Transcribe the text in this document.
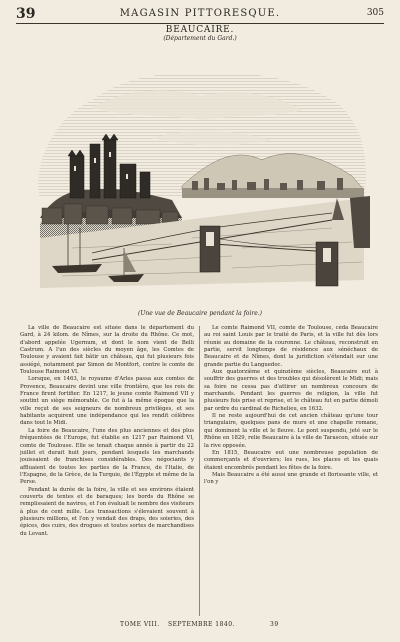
39	MAGASIN PITTORESQUE.	305
BEAUCAIRE.
(Département du Gard.)
(Une vue de Beaucaire pendant la foire.)

La ville de Beaucaire est située dans le département du Gard, à 24 kilom. de Nîmes, sur la droite du Rhône. Ce mot, d'abord appelée Ugernum, et dont le nom vient de Belli Castrum. A l'un des siècles du moyen âge, les Comtes de Toulouse y avaient fait bâtir un château, qui fut plusieurs fois assiégé, notamment par Simon de Montfort, contre le comte de Toulouse Raimond VI.

Lorsque, en 1463, le royaume d'Arles passa aux comtes de Provence, Beaucaire devint une ville frontière, que les rois de France firent fortifier. En 1217, le jeune comte Raimond VII y soutint un siège mémorable. Ce fut à la même époque que la ville reçut de ses seigneurs de nombreux priviléges, et ses habitants acquirent une indépendance qui les rendit célèbres dans tout le Midi.

La foire de Beaucaire, l'une des plus anciennes et des plus fréquentées de l'Europe, fut établie en 1217 par Raimond VI, comte de Toulouse. Elle se tenait chaque année à partir du 22 juillet et durait huit jours, pendant lesquels les marchands jouissaient de franchises considérables. Des négociants y affluaient de toutes les parties de la France, de l'Italie, de l'Espagne, de la Grèce, de la Turquie, de l'Égypte et même de la Perse.

Pendant la durée de la foire, la ville et ses environs étaient couverts de tentes et de baraques; les bords du Rhône se remplissaient de navires, et l'on évaluait le nombre des visiteurs à plus de cent mille. Les transactions s'élevaient souvent à plusieurs millions, et l'on y vendait des draps, des soieries, des épices, des cuirs, des drogues et toutes sortes de marchandises du Levant.

Le comte Raimond VII, comte de Toulouse, céda Beaucaire au roi saint Louis par le traité de Paris, et la ville fut dès lors réunie au domaine de la couronne. Le château, reconstruit en partie, servit longtemps de résidence aux sénéchaux de Beaucaire et de Nîmes, dont la juridiction s'étendait sur une grande partie du Languedoc.

Aux quatorzième et quinzième siècles, Beaucaire eut à souffrir des guerres et des troubles qui désolèrent le Midi; mais sa foire ne cessa pas d'attirer un nombreux concours de marchands. Pendant les guerres de religion, la ville fut plusieurs fois prise et reprise, et le château fut en partie démoli par ordre du cardinal de Richelieu, en 1632.

Il ne reste aujourd'hui de cet ancien château qu'une tour triangulaire, quelques pans de murs et une chapelle romane, qui dominent la ville et le fleuve. Le pont suspendu, jeté sur le Rhône en 1829, relie Beaucaire à la ville de Tarascon, située sur la rive opposée.

En 1815, Beaucaire eut une nombreuse population de commerçants et d'ouvriers; les rues, les places et les quais étaient encombrés pendant les fêtes de la foire.

Mais Beaucaire a été aussi une grande et florissante ville, et l'on y

TOME VIII. SEPTEMBRE 1840.	39
